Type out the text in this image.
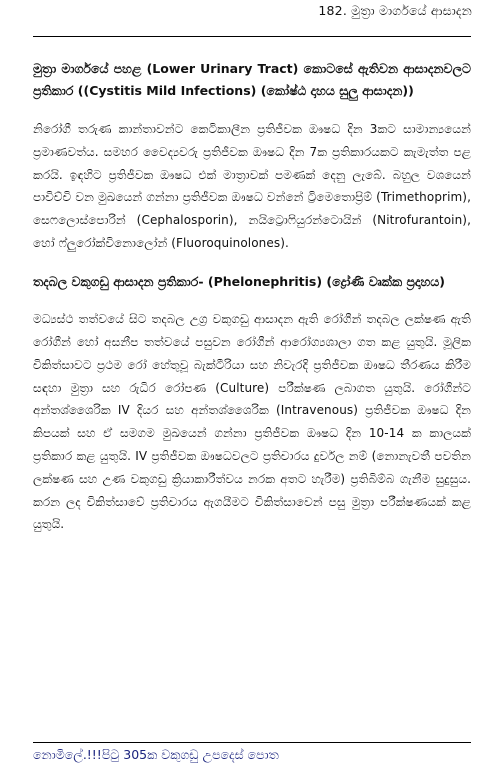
182. මුත්‍රා මාර්ගයේ ආසාදන

මුත්‍රා මාර්ගයේ පහළ (Lower Urinary Tract) කොටසේ ඇතිවන ආසාදනවලට ප්‍රතිකාර ((Cystitis Mild Infections) (කෝෂ්ඨ දාහය සුලු ආසාදන))

නිරෝගී තරුණ කාන්තාවන්ට කෙටිකාලීන ප්‍රතිජීවක ඖෂධ දින 3කට සාමාන්‍යයෙන් ප්‍රමාණවත්ය. සමහර වෛද්‍යවරු ප්‍රතිජීවක ඖෂධ දින 7ක ප්‍රතිකාරයකට කැමැත්ත පළ කරයි. ඉඳහිට ප්‍රතිජීවක ඖෂධ එක් මාත්‍රාවක් පමණක් දෙනු ලැබේ. බහුල වශයෙන් පාවිච්චි වන මුඛයෙන් ගන්නා ප්‍රතිජීවක ඖෂධ වන්නේ ට්‍රිමෙතොප්‍රිම් (Trimethoprim), සෙෆලොස්පොරින් (Cephalosporin), නයිට්‍රොෆියුරන්ටොයින් (Nitrofurantoin), හෝ ෆ්ලුරෝක්විනොලෝන් (Fluoroquinolones).

තදබල වකුගඩු ආසාදන ප්‍රතිකාර- (Phelonephritis) (ද්‍රෝණි වෘක්ක ප්‍රදාහය)

මධ්‍යස්ථ තත්වයේ සිට තදබල උග්‍ර වකුගඩු ආසාදන ඇති රෝගීන් තදබල ලක්ෂණ ඇති රෝගීන් හෝ අසනීප තත්වයේ පසුවන රෝගීන් ආරෝග්‍යශාලා ගත කළ යුතුයි. මූලික චිකිත්සාවට ප්‍රථම රෝ හේතුවූ බැක්ටීරියා සහ නිවැරදි ප්‍රතිජීවක ඖෂධ තීරණය කිරීම සඳහා මුත්‍රා සහ රුධිර රෝපණ (Culture) පරීක්ෂණ ලබාගත යුතුයි. රෝගීන්ට අන්තශ්ශෛරික IV දියර සහ අන්තශ්ශෛරික (Intravenous) ප්‍රතිජීවක ඖෂධ දින කිපයක් සහ ඒ සමගම මුඛයෙන් ගන්නා ප්‍රතිජීවක ඖෂධ දින 10-14 ක කාලයක් ප්‍රතිකාර කළ යුතුයි. IV ප්‍රතිජීවක ඖෂධවලට ප්‍රතිචාරය දුර්වල නම් (නොනැවතී පවතින ලක්ෂණ සහ උණ වකුගඩු ක්‍රියාකාරීත්වය නරක අතට හැරීම) ප්‍රතිබිම්බ ගැනීම සුදුසුය. කරන ලද චිකිත්සාවේ ප්‍රතිචාරය ඇගයීමට චිකිත්සාවෙන් පසු මුත්‍රා පරීක්ෂණයක් කළ යුතුයි.

නොමිලේ.!!!පිටු 305ක වකුගඩු උපදෙස් පොත
